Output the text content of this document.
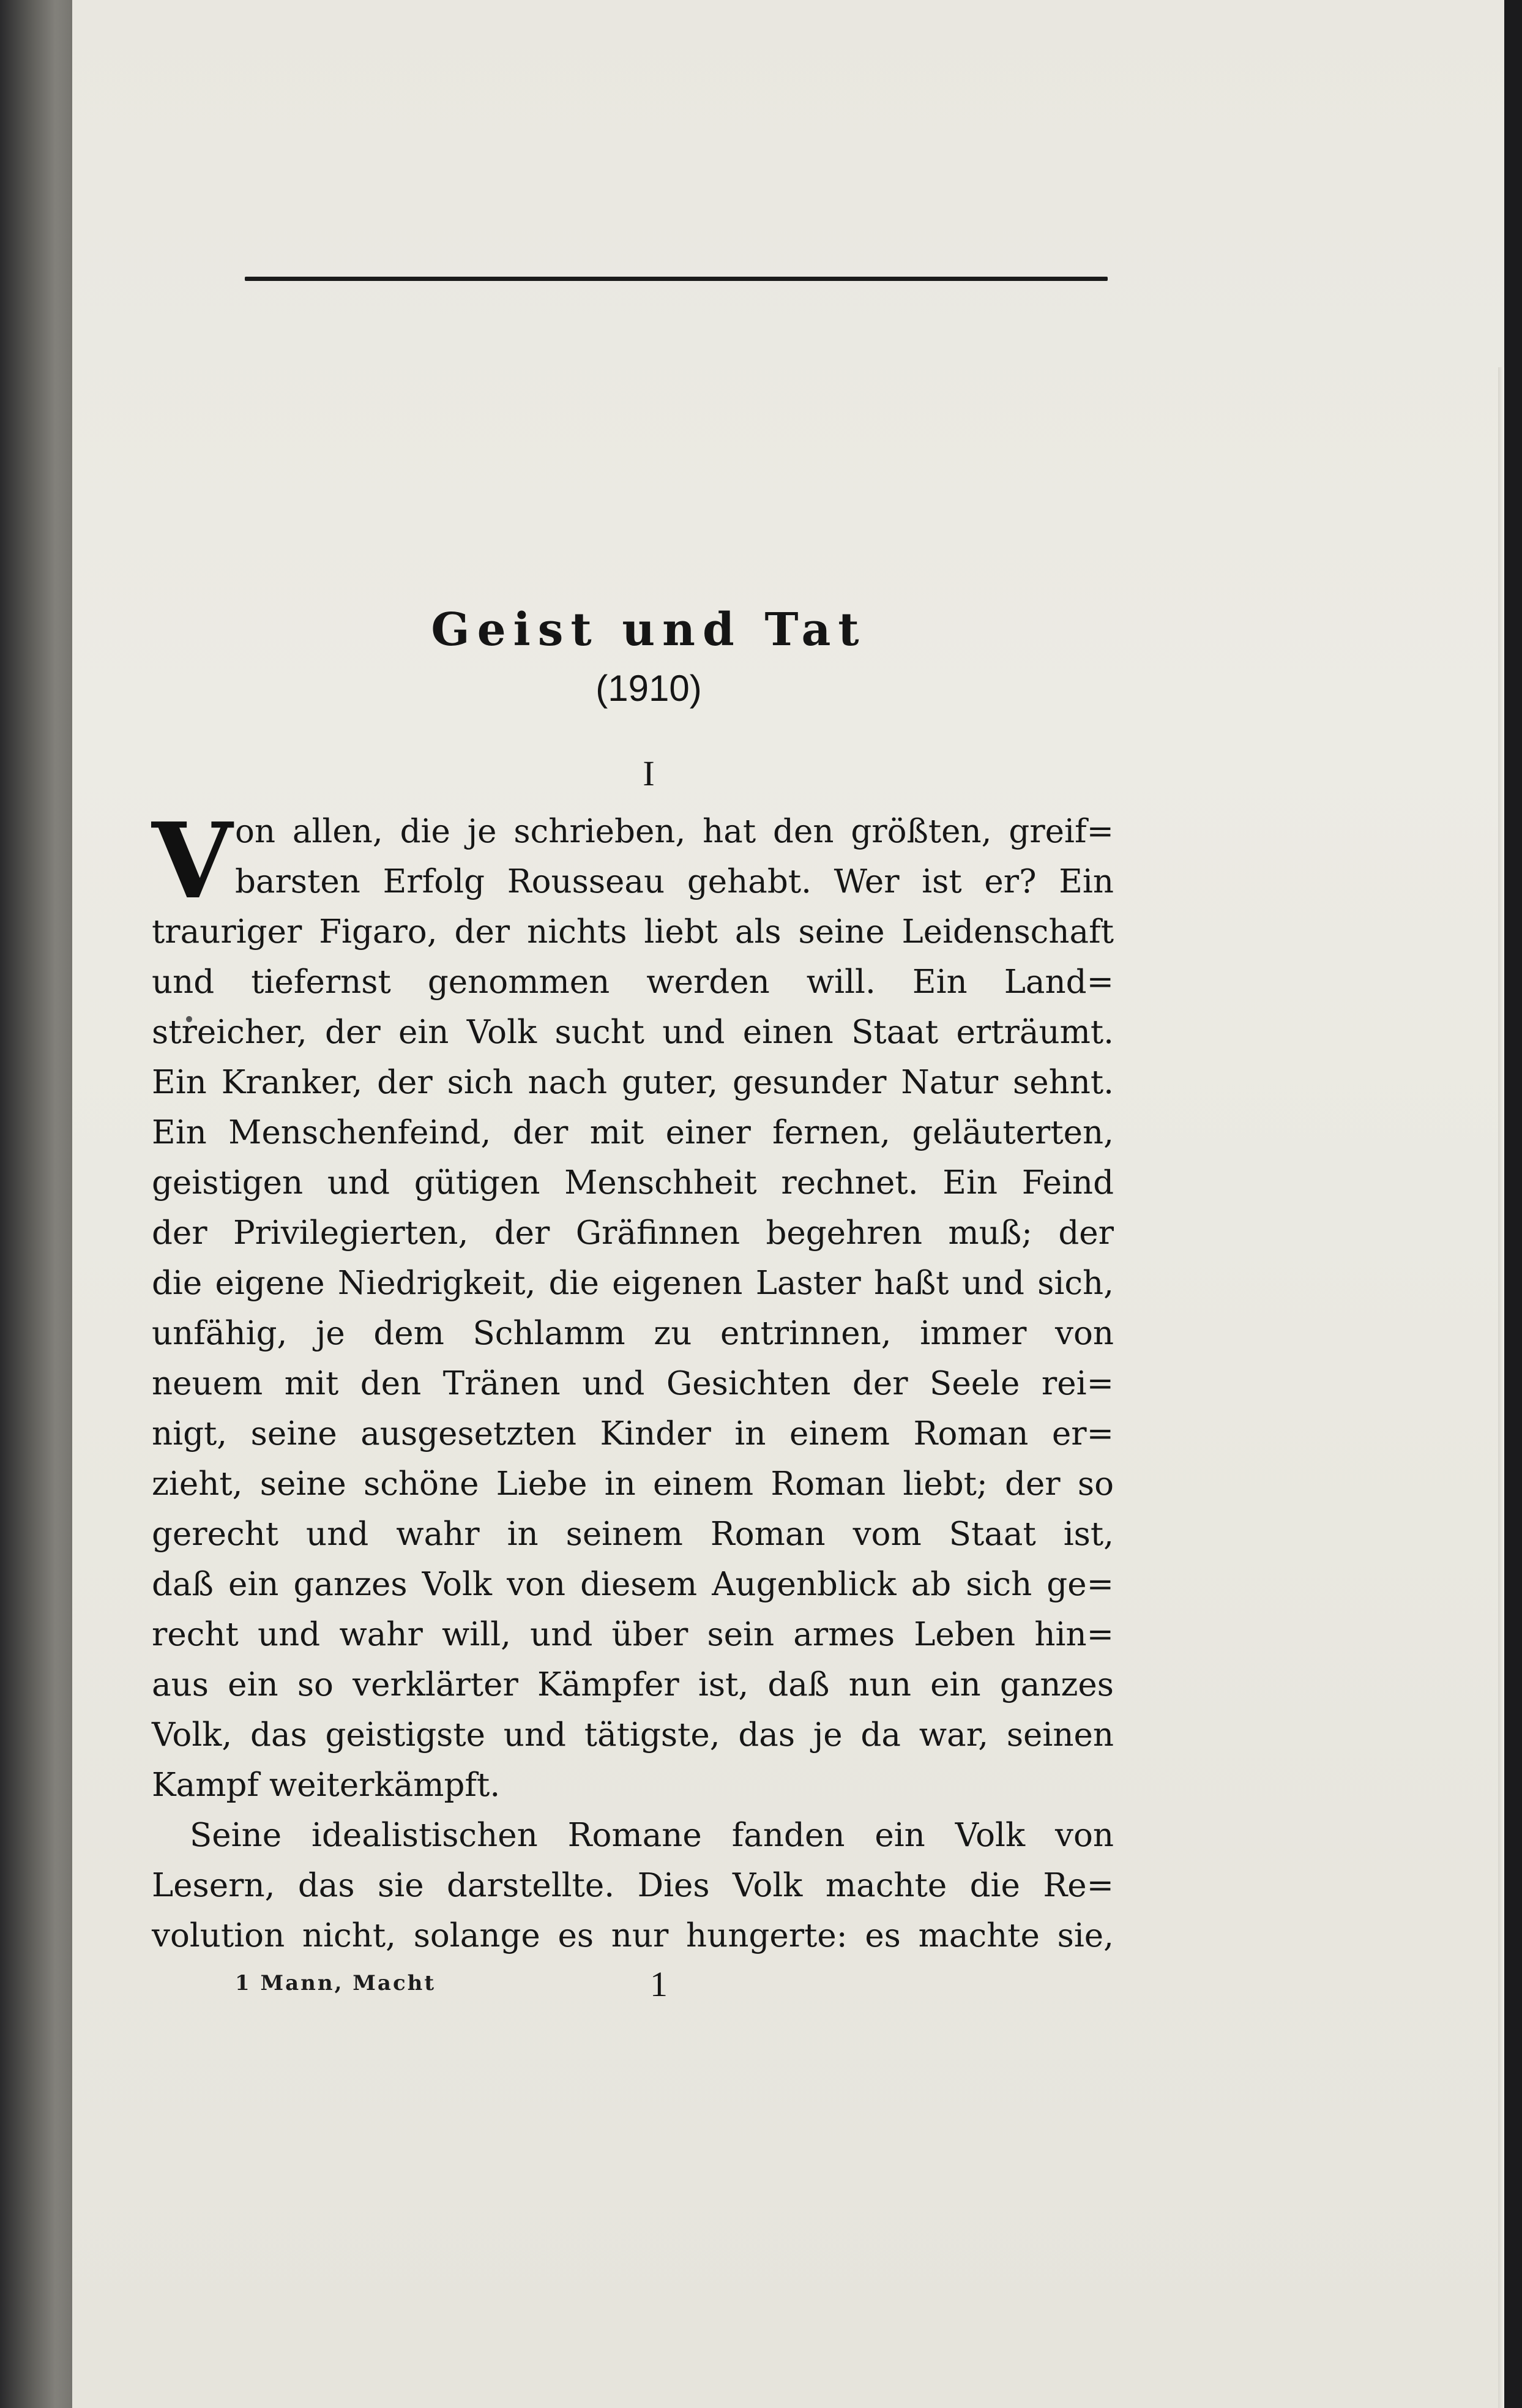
Geist und Tat
(1910)
I
V on allen, die je schrieben, hat den größten, greif=
barsten Erfolg Rousseau gehabt. Wer ist er? Ein
trauriger Figaro, der nichts liebt als seine Leidenschaft
und tiefernst genommen werden will. Ein Land=
streicher, der ein Volk sucht und einen Staat erträumt.
Ein Kranker, der sich nach guter, gesunder Natur sehnt.
Ein Menschenfeind, der mit einer fernen, geläuterten,
geistigen und gütigen Menschheit rechnet. Ein Feind
der Privilegierten, der Gräfinnen begehren muß; der
die eigene Niedrigkeit, die eigenen Laster haßt und sich,
unfähig, je dem Schlamm zu entrinnen, immer von
neuem mit den Tränen und Gesichten der Seele rei=
nigt, seine ausgesetzten Kinder in einem Roman er=
zieht, seine schöne Liebe in einem Roman liebt; der so
gerecht und wahr in seinem Roman vom Staat ist,
daß ein ganzes Volk von diesem Augenblick ab sich ge=
recht und wahr will, und über sein armes Leben hin=
aus ein so verklärter Kämpfer ist, daß nun ein ganzes
Volk, das geistigste und tätigste, das je da war, seinen
Kampf weiterkämpft.
Seine idealistischen Romane fanden ein Volk von
Lesern, das sie darstellte. Dies Volk machte die Re=
volution nicht, solange es nur hungerte: es machte sie,
1 Mann, Macht	1
